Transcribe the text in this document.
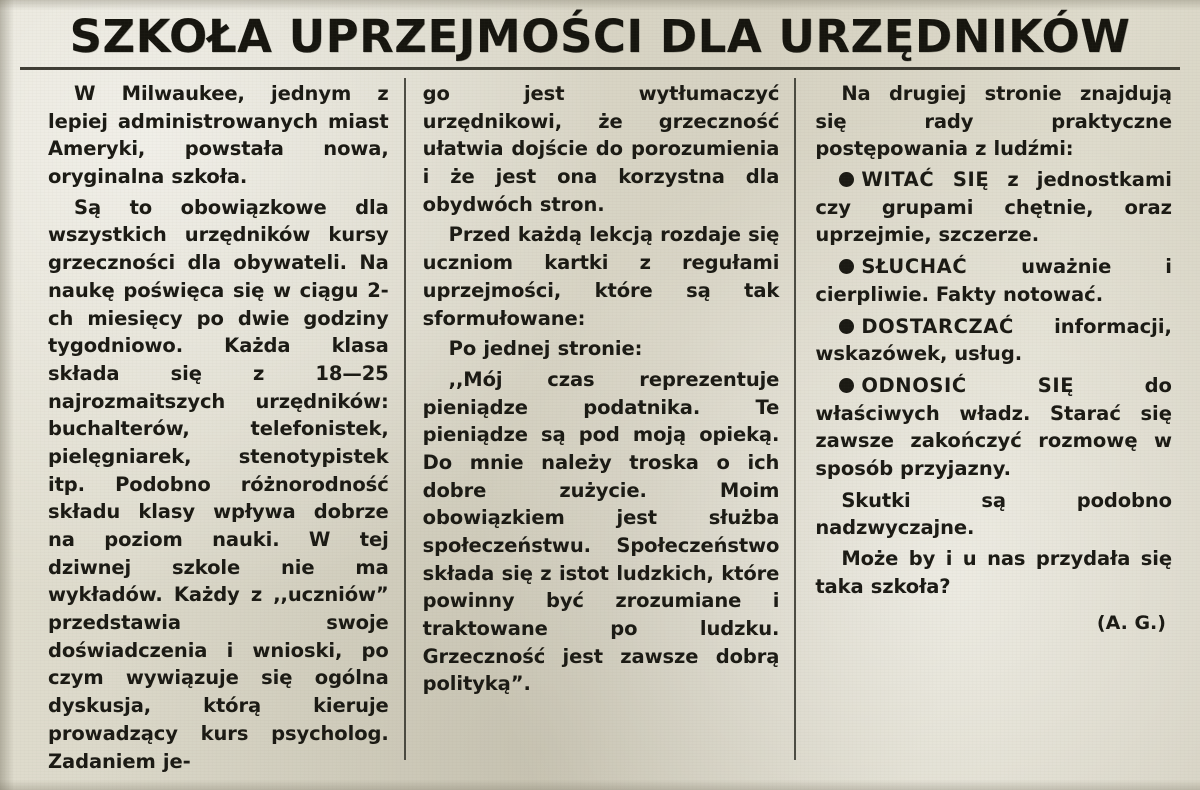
SZKOŁA UPRZEJMOŚCI DLA URZĘDNIKÓW

W Milwaukee, jednym z lepiej administrowanych miast Ameryki, powstała nowa, oryginalna szkoła.

Są to obowiązkowe dla wszystkich urzędników kursy grzeczności dla obywateli. Na naukę poświęca się w ciągu 2-ch miesięcy po dwie godziny tygodniowo. Każda klasa składa się z 18—25 najrozmaitszych urzędników: buchalterów, telefonistek, pielęgniarek, stenotypistek itp. Podobno różnorodność składu klasy wpływa dobrze na poziom nauki. W tej dziwnej szkole nie ma wykładów. Każdy z ,,uczniów” przedstawia swoje doświadczenia i wnioski, po czym wywiązuje się ogólna dyskusja, którą kieruje prowadzący kurs psycholog. Zadaniem je-

go jest wytłumaczyć urzędnikowi, że grzeczność ułatwia dojście do porozumienia i że jest ona korzystna dla obydwóch stron.

Przed każdą lekcją rozdaje się uczniom kartki z regułami uprzejmości, które są tak sformułowane:

Po jednej stronie:

,,Mój czas reprezentuje pieniądze podatnika. Te pieniądze są pod moją opieką. Do mnie należy troska o ich dobre zużycie. Moim obowiązkiem jest służba społeczeństwu. Społeczeństwo składa się z istot ludzkich, które powinny być zrozumiane i traktowane po ludzku. Grzeczność jest zawsze dobrą polityką”.

Na drugiej stronie znajdują się rady praktyczne postępowania z ludźmi:

WITAĆ SIĘ z jednostkami czy grupami chętnie, oraz uprzejmie, szczerze.
SŁUCHAĆ uważnie i cierpliwie. Fakty notować.
DOSTARCZAĆ informacji, wskazówek, usług.
ODNOSIĆ SIĘ do właściwych władz. Starać się zawsze zakończyć rozmowę w sposób przyjazny.

Skutki są podobno nadzwyczajne.

Może by i u nas przydała się taka szkoła?

(A. G.)
